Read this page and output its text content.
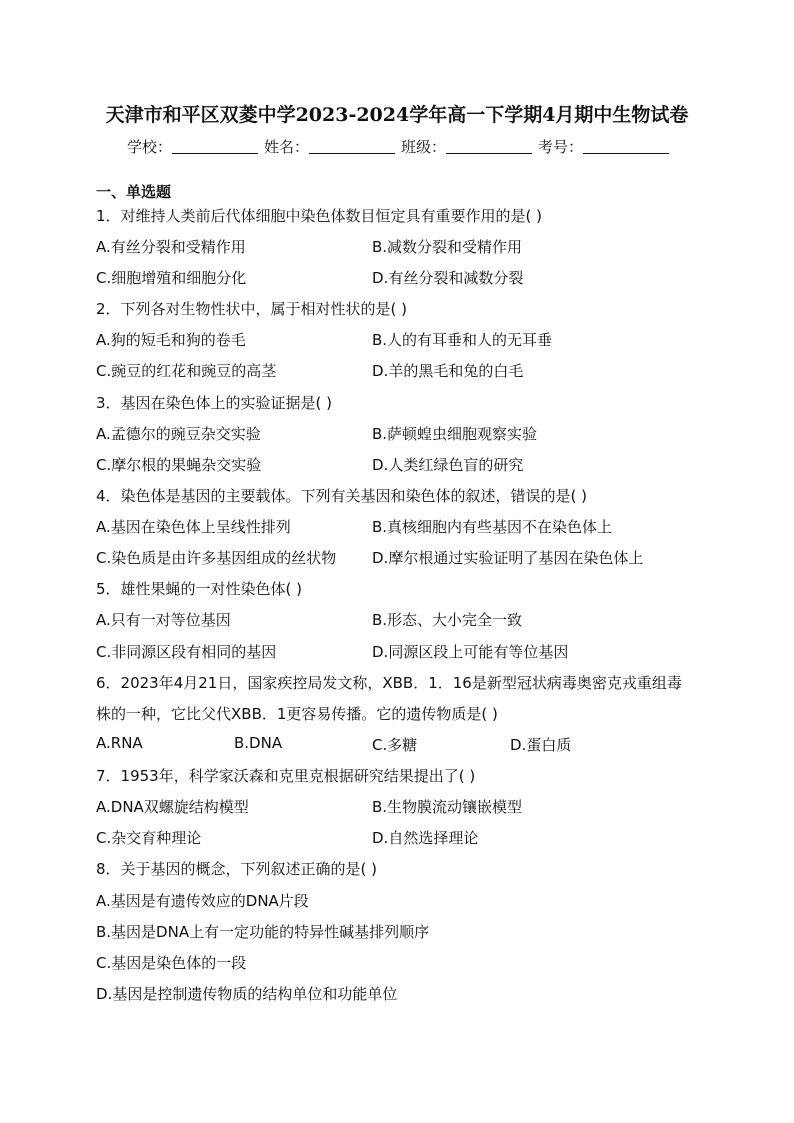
天津市和平区双菱中学2023-2024学年高一下学期4月期中生物试卷
学校：	姓名：	班级：	考号：
一、单选题
1．对维持人类前后代体细胞中染色体数目恒定具有重要作用的是( )
A.有丝分裂和受精作用	B.减数分裂和受精作用
C.细胞增殖和细胞分化	D.有丝分裂和减数分裂
2．下列各对生物性状中，属于相对性状的是( )
A.狗的短毛和狗的卷毛	B.人的有耳垂和人的无耳垂
C.豌豆的红花和豌豆的高茎	D.羊的黑毛和兔的白毛
3．基因在染色体上的实验证据是( )
A.孟德尔的豌豆杂交实验	B.萨顿蝗虫细胞观察实验
C.摩尔根的果蝇杂交实验	D.人类红绿色盲的研究
4．染色体是基因的主要载体。下列有关基因和染色体的叙述，错误的是( )
A.基因在染色体上呈线性排列	B.真核细胞内有些基因不在染色体上
C.染色质是由许多基因组成的丝状物 D.摩尔根通过实验证明了基因在染色体上
5．雄性果蝇的一对性染色体( )
A.只有一对等位基因	B.形态、大小完全一致
C.非同源区段有相同的基因	D.同源区段上可能有等位基因
6．2023年4月21日，国家疾控局发文称，XBB．1．16是新型冠状病毒奥密克戎重组毒
株的一种，它比父代XBB．1更容易传播。它的遗传物质是( )
A.RNA	B.DNA	C.多糖	D.蛋白质
7．1953年，科学家沃森和克里克根据研究结果提出了( )
A.DNA双螺旋结构模型	B.生物膜流动镶嵌模型
C.杂交育种理论	D.自然选择理论
8．关于基因的概念，下列叙述正确的是( )
A.基因是有遗传效应的DNA片段
B.基因是DNA上有一定功能的特异性碱基排列顺序
C.基因是染色体的一段
D.基因是控制遗传物质的结构单位和功能单位
